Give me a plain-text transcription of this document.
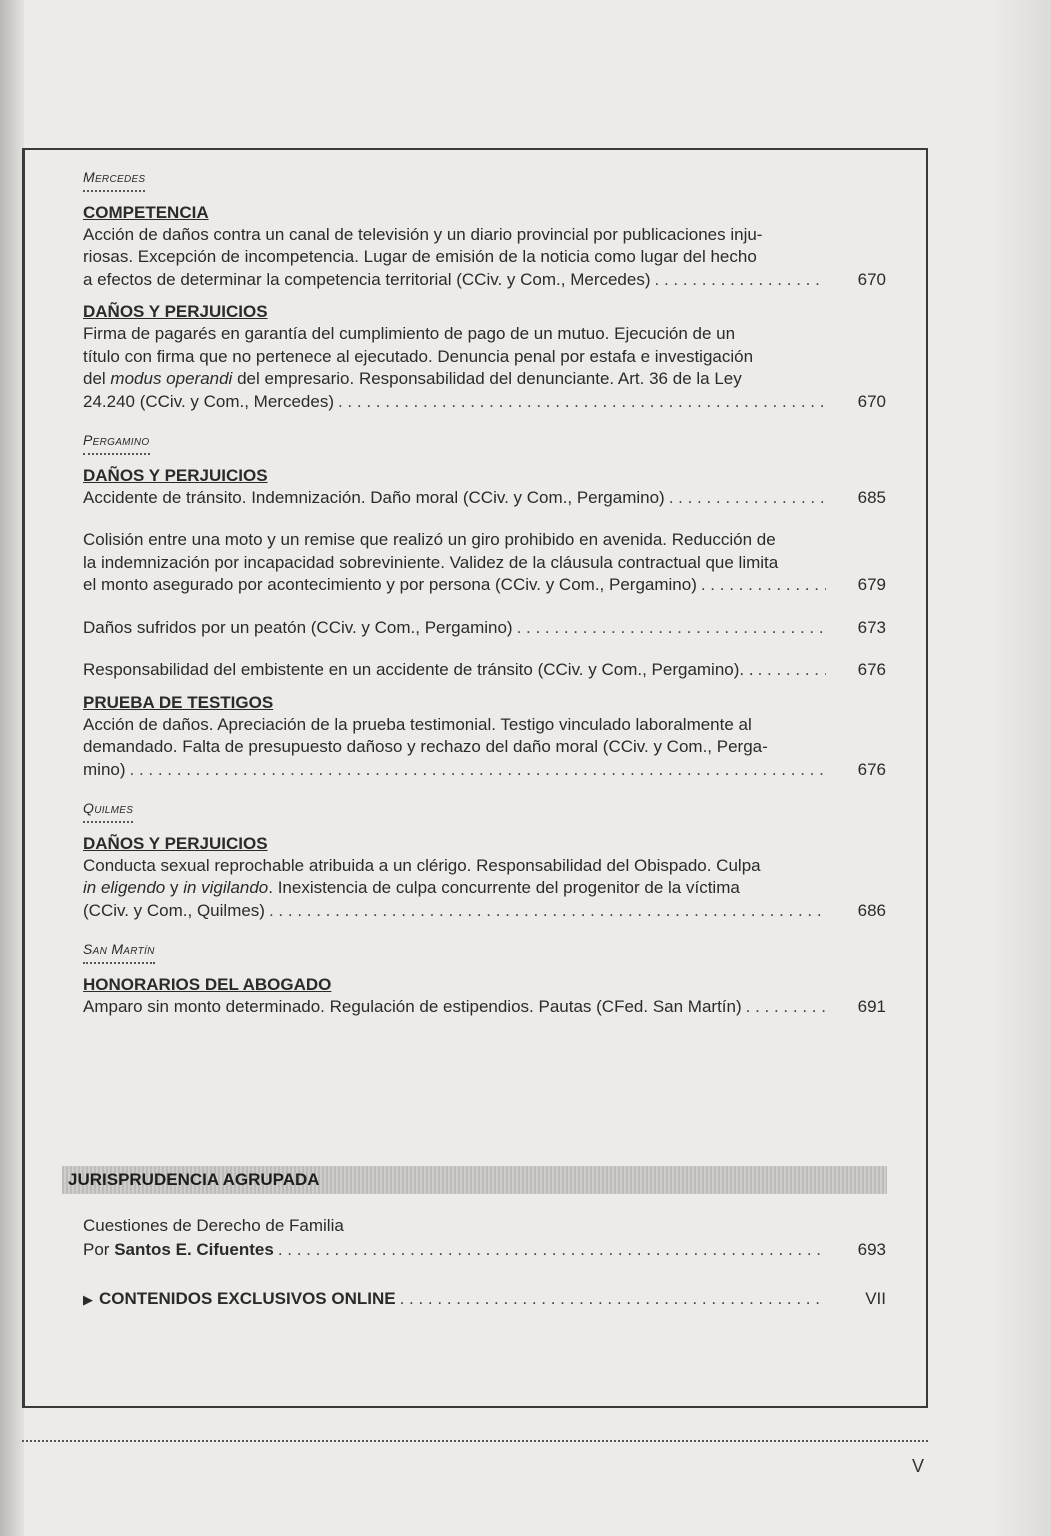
Mercedes
COMPETENCIA
Acción de daños contra un canal de televisión y un diario provincial por publicaciones inju-
riosas. Excepción de incompetencia. Lugar de emisión de la noticia como lugar del hecho
a efectos de determinar la competencia territorial (CCiv. y Com., Mercedes) . . .	670
DAÑOS Y PERJUICIOS
Firma de pagarés en garantía del cumplimiento de pago de un mutuo. Ejecución de un
título con firma que no pertenece al ejecutado. Denuncia penal por estafa e investigación
del modus operandi del empresario. Responsabilidad del denunciante. Art. 36 de la Ley
24.240 (CCiv. y Com., Mercedes) . . .	670
Pergamino
DAÑOS Y PERJUICIOS
Accidente de tránsito. Indemnización. Daño moral (CCiv. y Com., Pergamino) . . .	685
Colisión entre una moto y un remise que realizó un giro prohibido en avenida. Reducción de
la indemnización por incapacidad sobreviniente. Validez de la cláusula contractual que limita
el monto asegurado por acontecimiento y por persona (CCiv. y Com., Pergamino) . . .	679
Daños sufridos por un peatón (CCiv. y Com., Pergamino) . . .	673
Responsabilidad del embistente en un accidente de tránsito (CCiv. y Com., Pergamino). . . . .	676
PRUEBA DE TESTIGOS
Acción de daños. Apreciación de la prueba testimonial. Testigo vinculado laboralmente al
demandado. Falta de presupuesto dañoso y rechazo del daño moral (CCiv. y Com., Perga-
mino) . . .	676
Quilmes
DAÑOS Y PERJUICIOS
Conducta sexual reprochable atribuida a un clérigo. Responsabilidad del Obispado. Culpa
in eligendo y in vigilando. Inexistencia de culpa concurrente del progenitor de la víctima
(CCiv. y Com., Quilmes) . . .	686
San Martín
HONORARIOS DEL ABOGADO
Amparo sin monto determinado. Regulación de estipendios. Pautas (CFed. San Martín) . . .	691
JURISPRUDENCIA AGRUPADA
Cuestiones de Derecho de Familia
Por Santos E. Cifuentes . . .	693
▶ CONTENIDOS EXCLUSIVOS ONLINE . . .	VII
V
